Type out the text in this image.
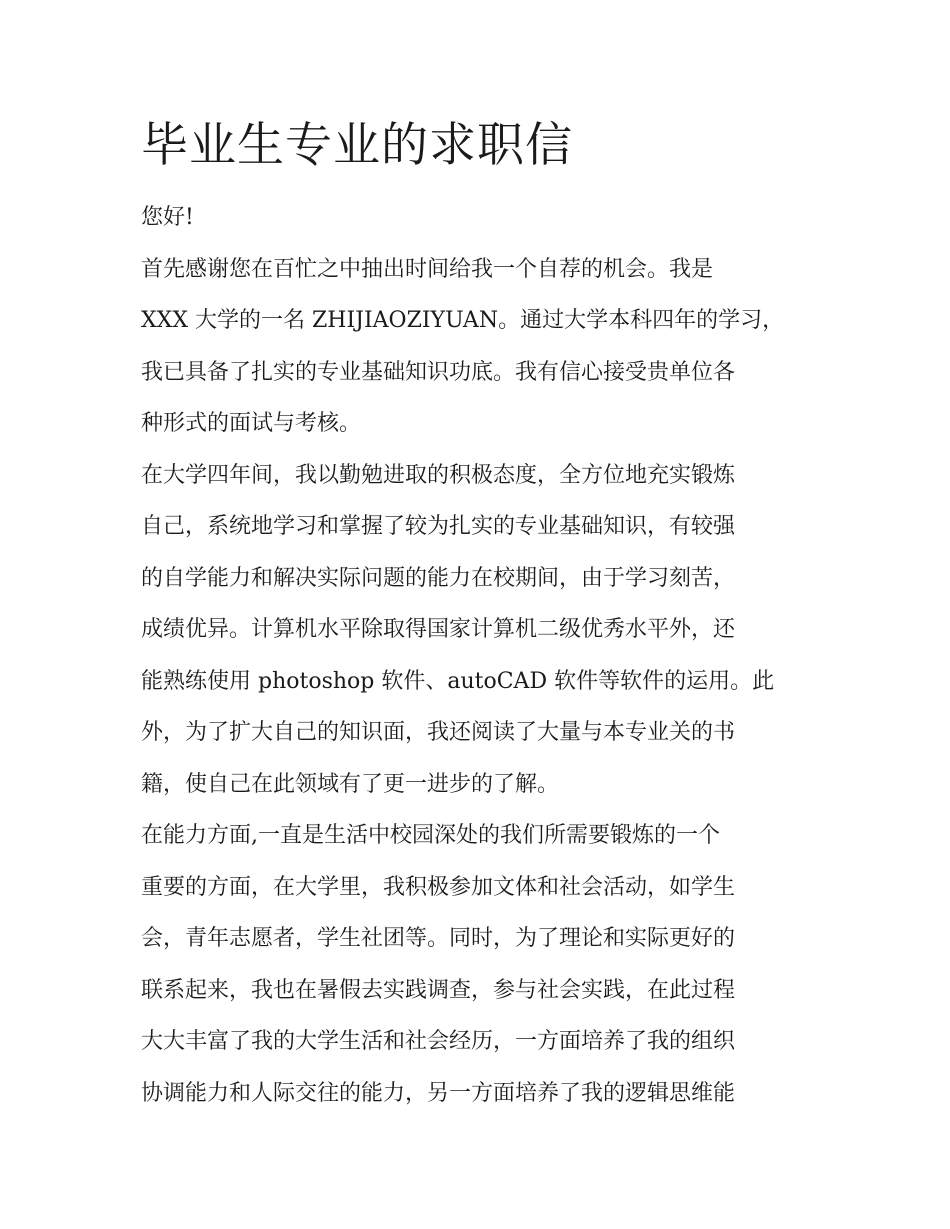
毕业生专业的求职信

您好!

首先感谢您在百忙之中抽出时间给我一个自荐的机会。我是
XXX 大学的一名 ZHIJIAOZIYUAN。通过大学本科四年的学习，
我已具备了扎实的专业基础知识功底。我有信心接受贵单位各
种形式的面试与考核。

在大学四年间，我以勤勉进取的积极态度，全方位地充实锻炼
自己，系统地学习和掌握了较为扎实的专业基础知识，有较强
的自学能力和解决实际问题的能力在校期间，由于学习刻苦，
成绩优异。计算机水平除取得国家计算机二级优秀水平外，还
能熟练使用 photoshop 软件、autoCAD 软件等软件的运用。此
外，为了扩大自己的知识面，我还阅读了大量与本专业关的书
籍，使自己在此领域有了更一进步的了解。

在能力方面,一直是生活中校园深处的我们所需要锻炼的一个
重要的方面，在大学里，我积极参加文体和社会活动，如学生
会，青年志愿者，学生社团等。同时，为了理论和实际更好的
联系起来，我也在暑假去实践调查，参与社会实践，在此过程
大大丰富了我的大学生活和社会经历，一方面培养了我的组织
协调能力和人际交往的能力，另一方面培养了我的逻辑思维能
